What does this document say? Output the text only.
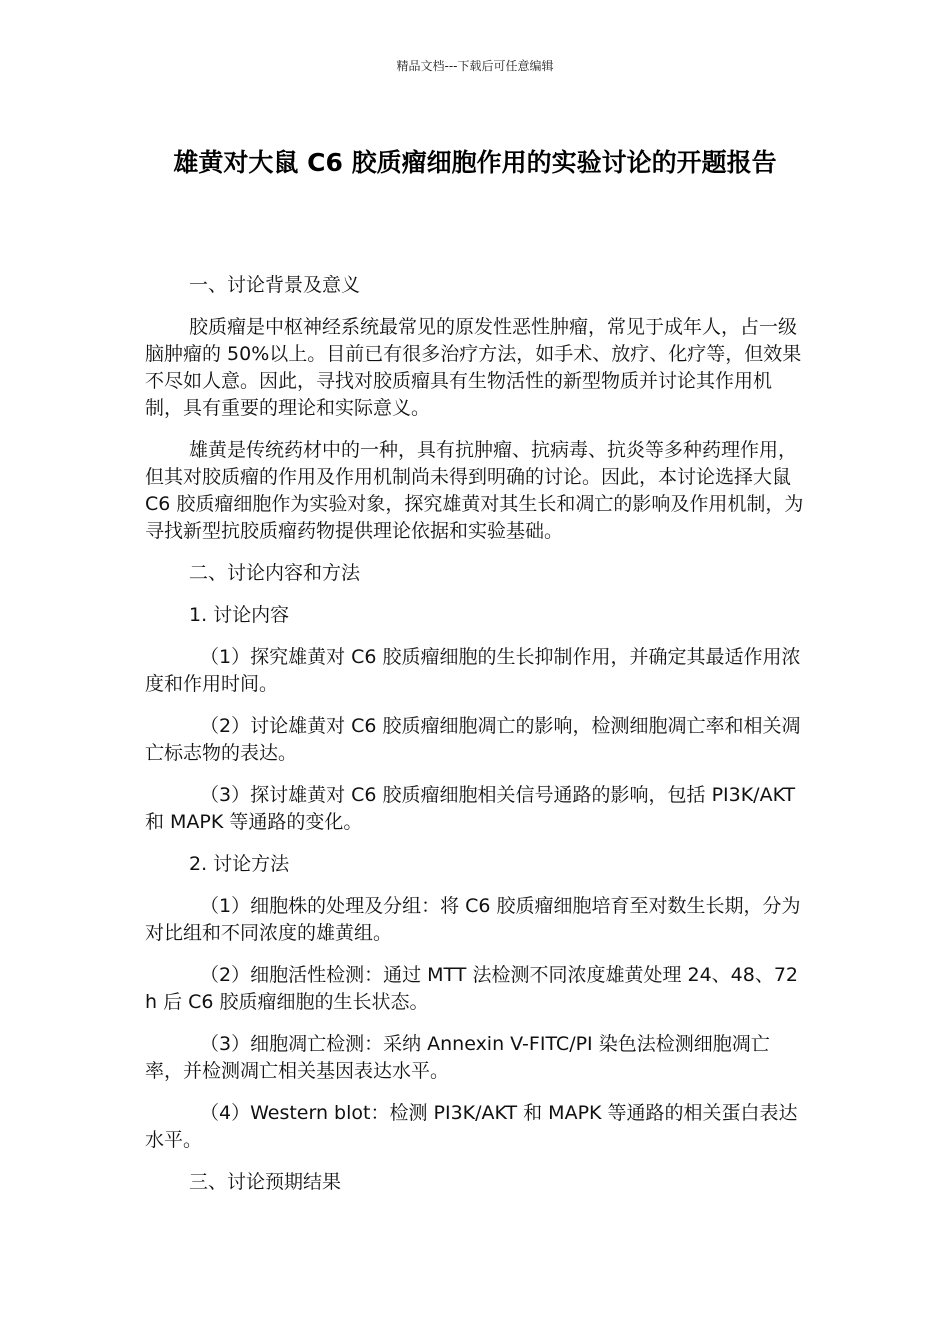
精品文档---下载后可任意编辑
雄黄对大鼠 C6 胶质瘤细胞作用的实验讨论的开题报告

一、讨论背景及意义

胶质瘤是中枢神经系统最常见的原发性恶性肿瘤，常见于成年人，占一级脑肿瘤的 50%以上。目前已有很多治疗方法，如手术、放疗、化疗等，但效果不尽如人意。因此，寻找对胶质瘤具有生物活性的新型物质并讨论其作用机制，具有重要的理论和实际意义。

雄黄是传统药材中的一种，具有抗肿瘤、抗病毒、抗炎等多种药理作用，但其对胶质瘤的作用及作用机制尚未得到明确的讨论。因此，本讨论选择大鼠 C6 胶质瘤细胞作为实验对象，探究雄黄对其生长和凋亡的影响及作用机制，为寻找新型抗胶质瘤药物提供理论依据和实验基础。

二、讨论内容和方法

1. 讨论内容

（1）探究雄黄对 C6 胶质瘤细胞的生长抑制作用，并确定其最适作用浓度和作用时间。

（2）讨论雄黄对 C6 胶质瘤细胞凋亡的影响，检测细胞凋亡率和相关凋亡标志物的表达。

（3）探讨雄黄对 C6 胶质瘤细胞相关信号通路的影响，包括 PI3K/AKT 和 MAPK 等通路的变化。

2. 讨论方法

（1）细胞株的处理及分组：将 C6 胶质瘤细胞培育至对数生长期，分为对比组和不同浓度的雄黄组。

（2）细胞活性检测：通过 MTT 法检测不同浓度雄黄处理 24、48、72 h 后 C6 胶质瘤细胞的生长状态。

（3）细胞凋亡检测：采纳 Annexin V-FITC/PI 染色法检测细胞凋亡率，并检测凋亡相关基因表达水平。

（4）Western blot：检测 PI3K/AKT 和 MAPK 等通路的相关蛋白表达水平。

三、讨论预期结果
